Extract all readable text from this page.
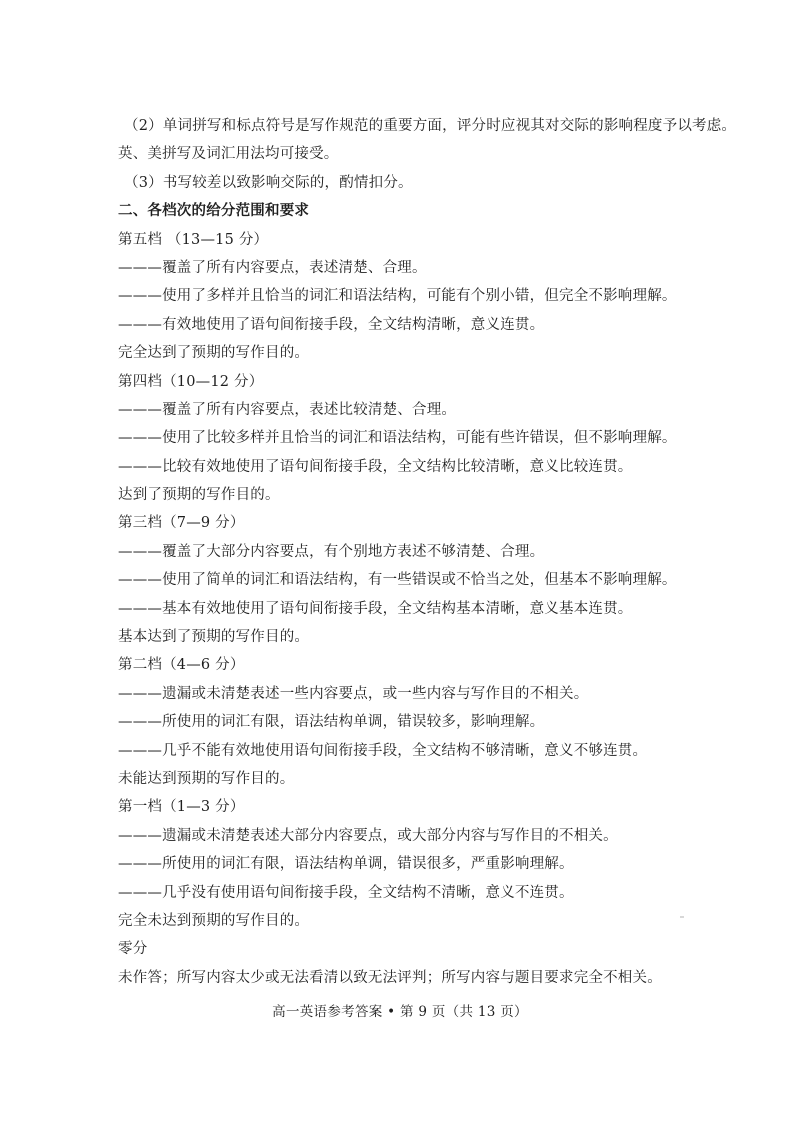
（2）单词拼写和标点符号是写作规范的重要方面，评分时应视其对交际的影响程度予以考虑。
英、美拼写及词汇用法均可接受。
（3）书写较差以致影响交际的，酌情扣分。
二、各档次的给分范围和要求
第五档 （13—15 分）
———覆盖了所有内容要点，表述清楚、合理。
———使用了多样并且恰当的词汇和语法结构，可能有个别小错，但完全不影响理解。
———有效地使用了语句间衔接手段，全文结构清晰，意义连贯。
完全达到了预期的写作目的。
第四档（10—12 分）
———覆盖了所有内容要点，表述比较清楚、合理。
———使用了比较多样并且恰当的词汇和语法结构，可能有些许错误，但不影响理解。
———比较有效地使用了语句间衔接手段，全文结构比较清晰，意义比较连贯。
达到了预期的写作目的。
第三档（7—9 分）
———覆盖了大部分内容要点，有个别地方表述不够清楚、合理。
———使用了简单的词汇和语法结构，有一些错误或不恰当之处，但基本不影响理解。
———基本有效地使用了语句间衔接手段，全文结构基本清晰，意义基本连贯。
基本达到了预期的写作目的。
第二档（4—6 分）
———遗漏或未清楚表述一些内容要点，或一些内容与写作目的不相关。
———所使用的词汇有限，语法结构单调，错误较多，影响理解。
———几乎不能有效地使用语句间衔接手段，全文结构不够清晰，意义不够连贯。
未能达到预期的写作目的。
第一档（1—3 分）
———遗漏或未清楚表述大部分内容要点，或大部分内容与写作目的不相关。
———所使用的词汇有限，语法结构单调，错误很多，严重影响理解。
———几乎没有使用语句间衔接手段，全文结构不清晰，意义不连贯。
完全未达到预期的写作目的。
零分
未作答；所写内容太少或无法看清以致无法评判；所写内容与题目要求完全不相关。
高一英语参考答案 • 第 9 页（共 13 页）
